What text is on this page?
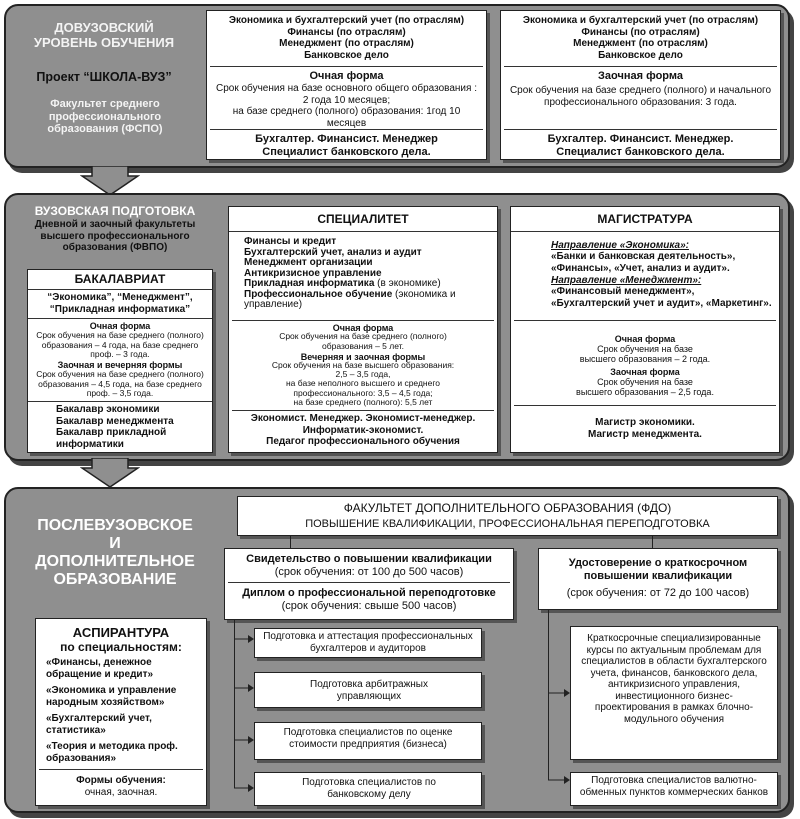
ДОВУЗОВСКИЙ
УРОВЕНЬ ОБУЧЕНИЯ
Проект “ШКОЛА-ВУЗ”
Факультет среднего профессионального образования (ФСПО)
Экономика и бухгалтерский учет (по отраслям)
Финансы (по отраслям)
Менеджмент (по отраслям)
Банковское дело
Очная форма
Срок обучения на базе основного общего образования : 2 года 10 месяцев;
на базе среднего (полного) образования: 1год 10 месяцев
Бухгалтер. Финансист. Менеджер
Специалист банковского дела.
Экономика и бухгалтерский учет (по отраслям)
Финансы (по отраслям)
Менеджмент (по отраслям)
Банковское дело
Заочная форма
Срок обучения на базе среднего (полного) и начального профессионального образования: 3 года.
Бухгалтер. Финансист. Менеджер.
Специалист банковского дела.
ВУЗОВСКАЯ ПОДГОТОВКА
Дневной и заочный факультеты высшего профессионального образования (ФВПО)
БАКАЛАВРИАТ
“Экономика”, “Менеджмент”,
“Прикладная информатика”
Очная форма
Срок обучения на базе среднего (полного) образования – 4 года, на базе среднего проф. – 3 года.
Заочная и вечерняя формы
Срок обучения на базе среднего (полного) образования – 4,5 года, на базе среднего проф. – 3,5 года.
Бакалавр экономики
Бакалавр менеджмента
Бакалавр прикладной информатики
СПЕЦИАЛИТЕТ
Финансы и кредит
Бухгалтерский учет, анализ и аудит
Менеджмент организации
Антикризисное управление
Прикладная информатика (в экономике)
Профессиональное обучение (экономика и управление)
Очная форма
Срок обучения на базе среднего (полного) образования – 5 лет.
Вечерняя и заочная формы
Срок обучения на базе высшего образования:
2,5 – 3,5 года,
на базе неполного высшего и среднего профессионального: 3,5 – 4,5 года;
на базе среднего (полного): 5,5 лет
Экономист. Менеджер. Экономист-менеджер.
Информатик-экономист.
Педагог профессионального обучения
МАГИСТРАТУРА
Направление «Экономика»:
«Банки и банковская деятельность», «Финансы», «Учет, анализ и аудит».
Направление «Менеджмент»:
«Финансовый менеджмент», «Бухгалтерский учет и аудит», «Маркетинг».
Очная форма
Срок обучения на базе
высшего образования – 2 года.
Заочная форма
Срок обучения на базе
высшего образования – 2,5 года.
Магистр экономики.
Магистр менеджмента.
ПОСЛЕВУЗОВСКОЕ
И
ДОПОЛНИТЕЛЬНОЕ
ОБРАЗОВАНИЕ
ФАКУЛЬТЕТ ДОПОЛНИТЕЛЬНОГО ОБРАЗОВАНИЯ (ФДО)
ПОВЫШЕНИЕ КВАЛИФИКАЦИИ, ПРОФЕССИОНАЛЬНАЯ ПЕРЕПОДГОТОВКА
Свидетельство о повышении квалификации
(срок обучения: от 100 до 500 часов)
Диплом о профессиональной переподготовке
(срок обучения: свыше 500 часов)
Удостоверение о краткосрочном повышении квалификации
(срок обучения: от 72 до 100 часов)
АСПИРАНТУРА
по специальностям:
«Финансы, денежное обращение и кредит»
«Экономика и управление народным хозяйством»
«Бухгалтерский учет, статистика»
«Теория и методика проф. образования»
Формы обучения:
очная, заочная.
Подготовка и аттестация профессиональных бухгалтеров и аудиторов
Подготовка арбитражных управляющих
Подготовка специалистов по оценке стоимости предприятия (бизнеса)
Подготовка специалистов по банковскому делу
Краткосрочные специализированные курсы по актуальным проблемам для специалистов в области бухгалтерского учета, финансов, банковского дела, антикризисного управления, инвестиционного бизнес-проектирования в рамках блочно-модульного обучения
Подготовка специалистов валютно-обменных пунктов коммерческих банков
